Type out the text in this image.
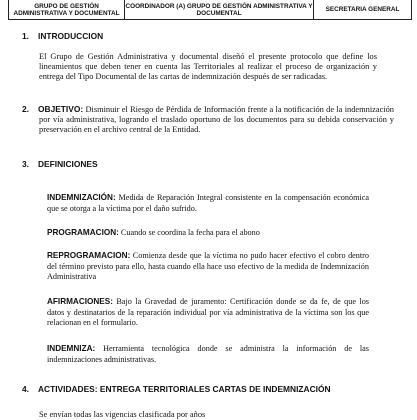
GRUPO DE GESTIÓN ADMINISTRATIVA Y DOCUMENTAL
COORDINADOR (A) GRUPO DE GESTIÓN ADMINISTRATIVA Y DOCUMENTAL	SECRETARIA GENERAL
1. INTRODUCCION
El Grupo de Gestión Administrativa y documental diseñó el presente protocolo que define los lineamientos que deben tener en cuenta las Territoriales al realizar el proceso de organización y entrega del Tipo Documental de las cartas de indemnización después de ser radicadas.
2. OBJETIVO: Disminuir el Riesgo de Pérdida de Información frente a la notificación de la indemnización por vía administrativa, logrando el traslado oportuno de los documentos para su debida conservación y preservación en el archivo central de la Entidad.
3. DEFINICIONES
INDEMNIZACIÓN: Medida de Reparación Integral consistente en la compensación económica que se otorga a la víctima por el daño sufrido.
PROGRAMACION: Cuando se coordina la fecha para el abono
REPROGRAMACION: Comienza desde que la víctima no pudo hacer efectivo el cobro dentro del término previsto para ello, hasta cuando ella hace uso efectivo de la medida de Indemnización Administrativa
AFIRMACIONES: Bajo la Gravedad de juramento: Certificación donde se da fe, de que los datos y destinatarios de la reparación individual por vía administrativa de la víctima son los que relacionan en el formulario.
INDEMNIZA: Herramienta tecnológica donde se administra la información de las indemnizaciones administrativas.
4. ACTIVIDADES: ENTREGA TERRITORIALES CARTAS DE INDEMNIZACIÓN
Se envían todas las vigencias clasificada por años
